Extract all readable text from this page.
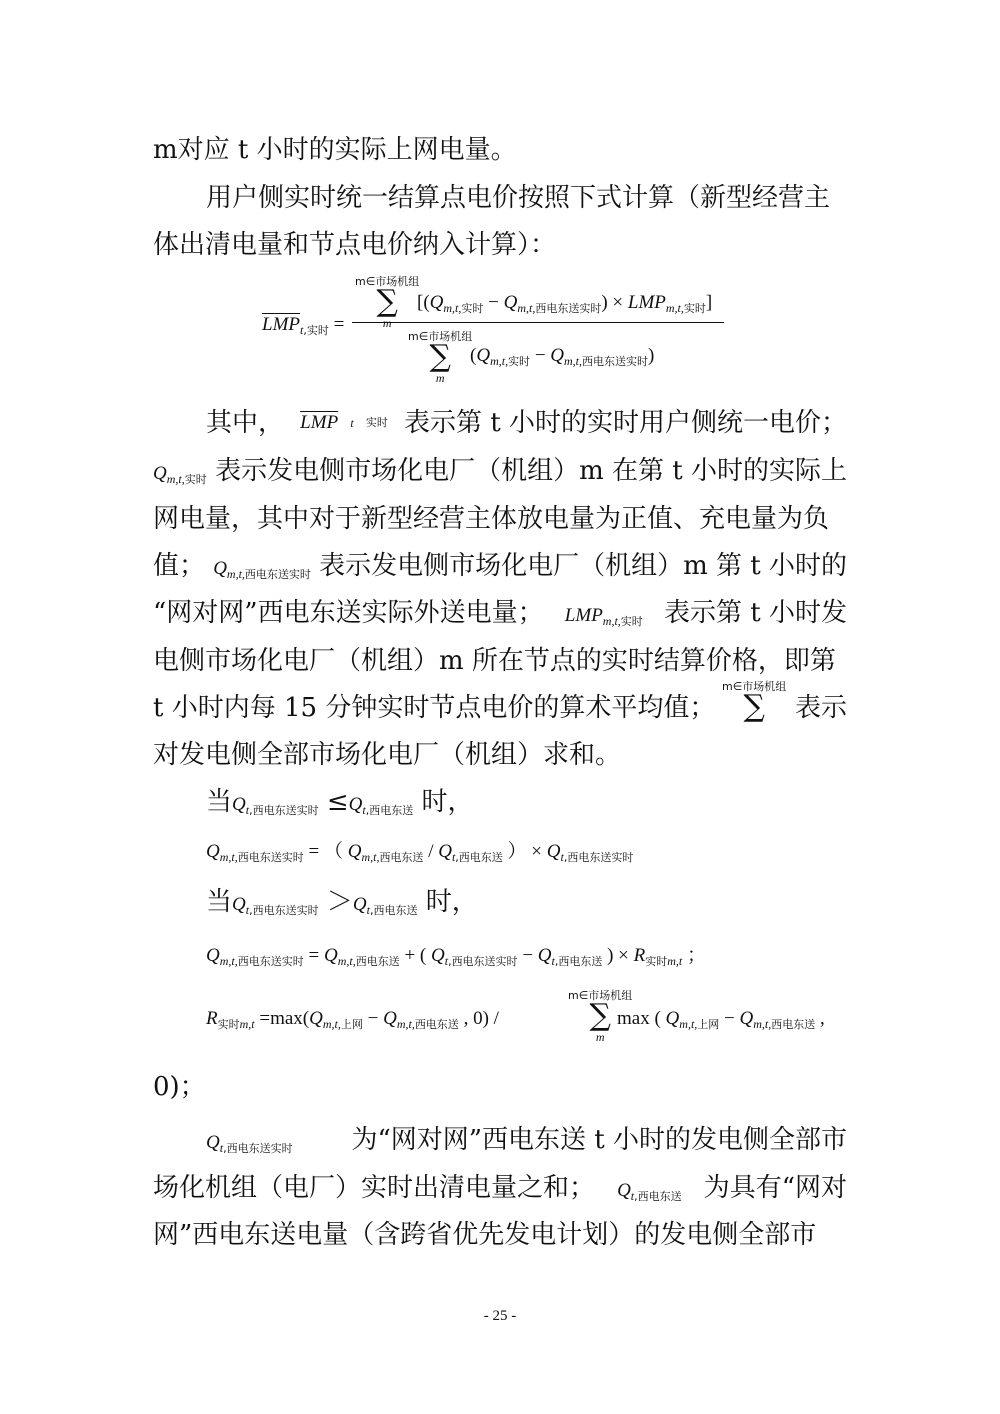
m对应 t 小时的实际上网电量。
用户侧实时统一结算点电价按照下式计算（新型经营主
体出清电量和节点电价纳入计算）：
$\overline{LMP}_{t,实时}$ =
m∈市场机组
∑	$[(Q_{m,t,实时} - Q_{m,t,西电东送实时}) \times LMP_{m,t,实时}]$
m∈市场机组
∑
m
$(Q_{m,t,实时} - Q_{m,t,西电东送实时})$
其中， $\overline{LMP}$ t 实时 表示第 t 小时的实时用户侧统一电价；
$Qm,t,_{实时}$ 表示发电侧市场化电厂（机组）m 在第 t 小时的实际上
网电量，其中对于新型经营主体放电量为正值、充电量为负
值； $Qm,t,_{西电东送实时}$ 表示发电侧市场化电厂（机组）m 第 t 小时的
“网对网”西电东送实际外送电量； $LMPm,t,_{实时}$ 表示第 t 小时发
电侧市场化电厂（机组）m 所在节点的实时结算价格，即第
t 小时内每 15 分钟实时节点电价的算术平均值；	表示
m∈市场机组
∑
对发电侧全部市场化电厂（机组）求和。
当$Qt_{,西电东送实时} \le Qt_{,西电东送}$ 时，
$Q_{m,t,西电东送实时}$ = （ $Q_{m,t,西电东送} / Q_{t,西电东送}$ ） × $Q_{t,西电东送实时}$
当$Qt_{,西电东送实时} >Qt_{,西电东送}$ 时，
$Q_{m,t,西电东送实时} = Q_{m,t,西电东送}$ + ( $Q_{t,西电东送实时} - Q_{t,西电东送}$ ) × $R_{实时m,t}$ ；
$R_{实时m,t} =\max(Q_{m,t,上网} - Q_{m,t,西电东送}$ , 0) /
m∈市场机组
∑
m
max ( $Q_{m,t,上网} - Q_{m,t,西电东送}$ ,
0)；
$Qt_{,西电东送实时}$ 为“网对网”西电东送 t 小时的发电侧全部市
场化机组（电厂）实时出清电量之和； $Qt_{,西电东送}$ 为具有“网对
网”西电东送电量（含跨省优先发电计划）的发电侧全部市
- 25 -
